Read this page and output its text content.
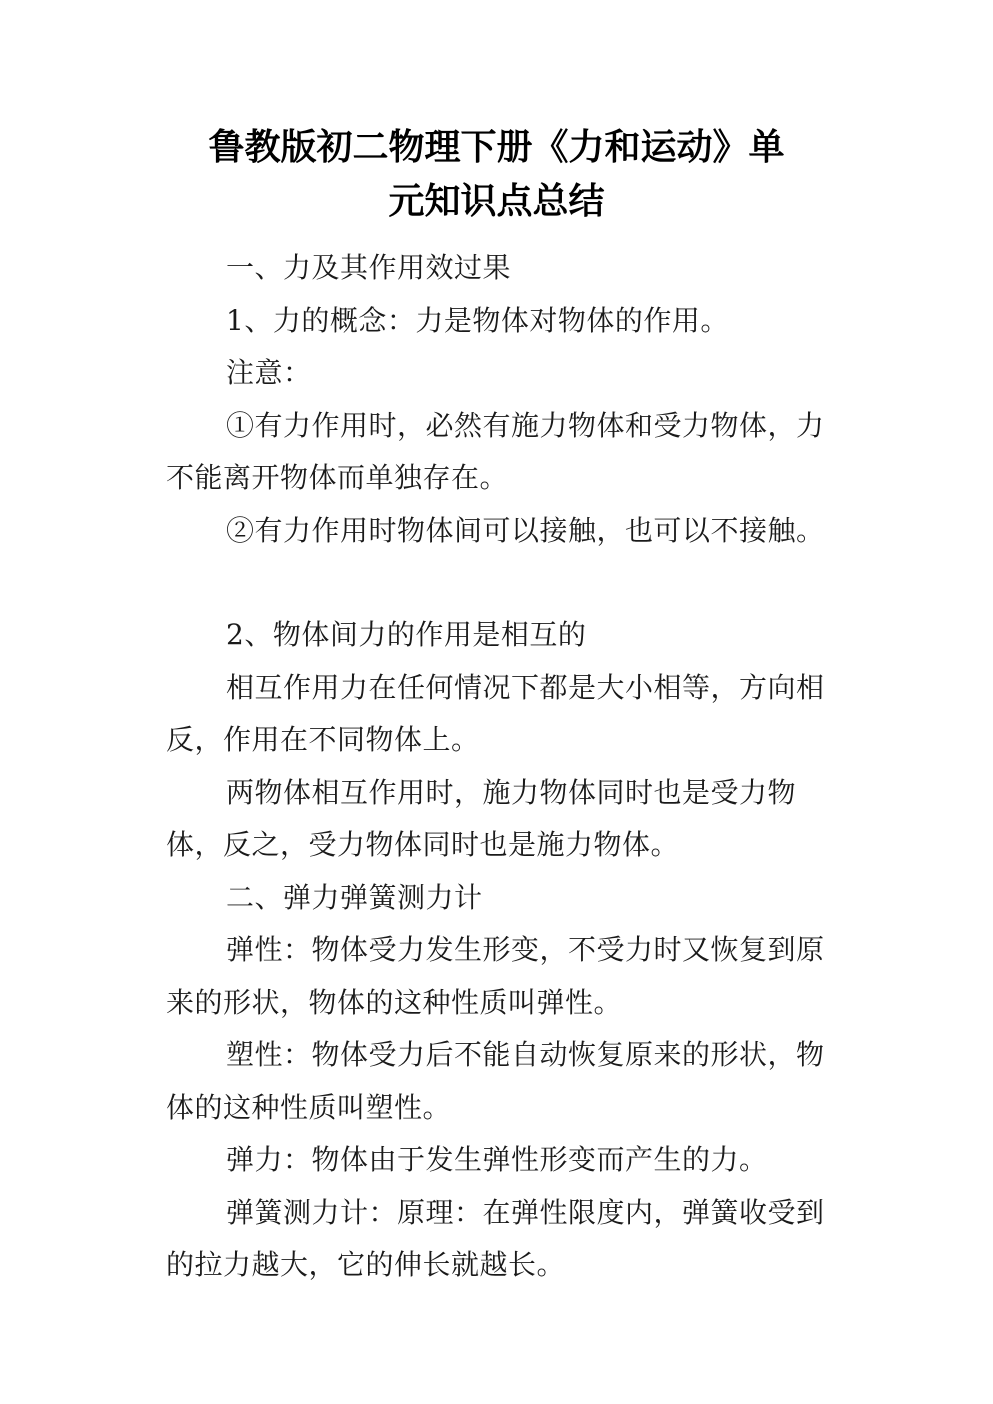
鲁教版初二物理下册《力和运动》单
元知识点总结

一、力及其作用效过果

1、力的概念：力是物体对物体的作用。

注意：

①有力作用时，必然有施力物体和受力物体，力不能离开物体而单独存在。

②有力作用时物体间可以接触，也可以不接触。

2、物体间力的作用是相互的

相互作用力在任何情况下都是大小相等，方向相反，作用在不同物体上。

两物体相互作用时，施力物体同时也是受力物体，反之，受力物体同时也是施力物体。

二、弹力弹簧测力计

弹性：物体受力发生形变，不受力时又恢复到原来的形状，物体的这种性质叫弹性。

塑性：物体受力后不能自动恢复原来的形状，物体的这种性质叫塑性。

弹力：物体由于发生弹性形变而产生的力。

弹簧测力计：原理：在弹性限度内，弹簧收受到的拉力越大，它的伸长就越长。
